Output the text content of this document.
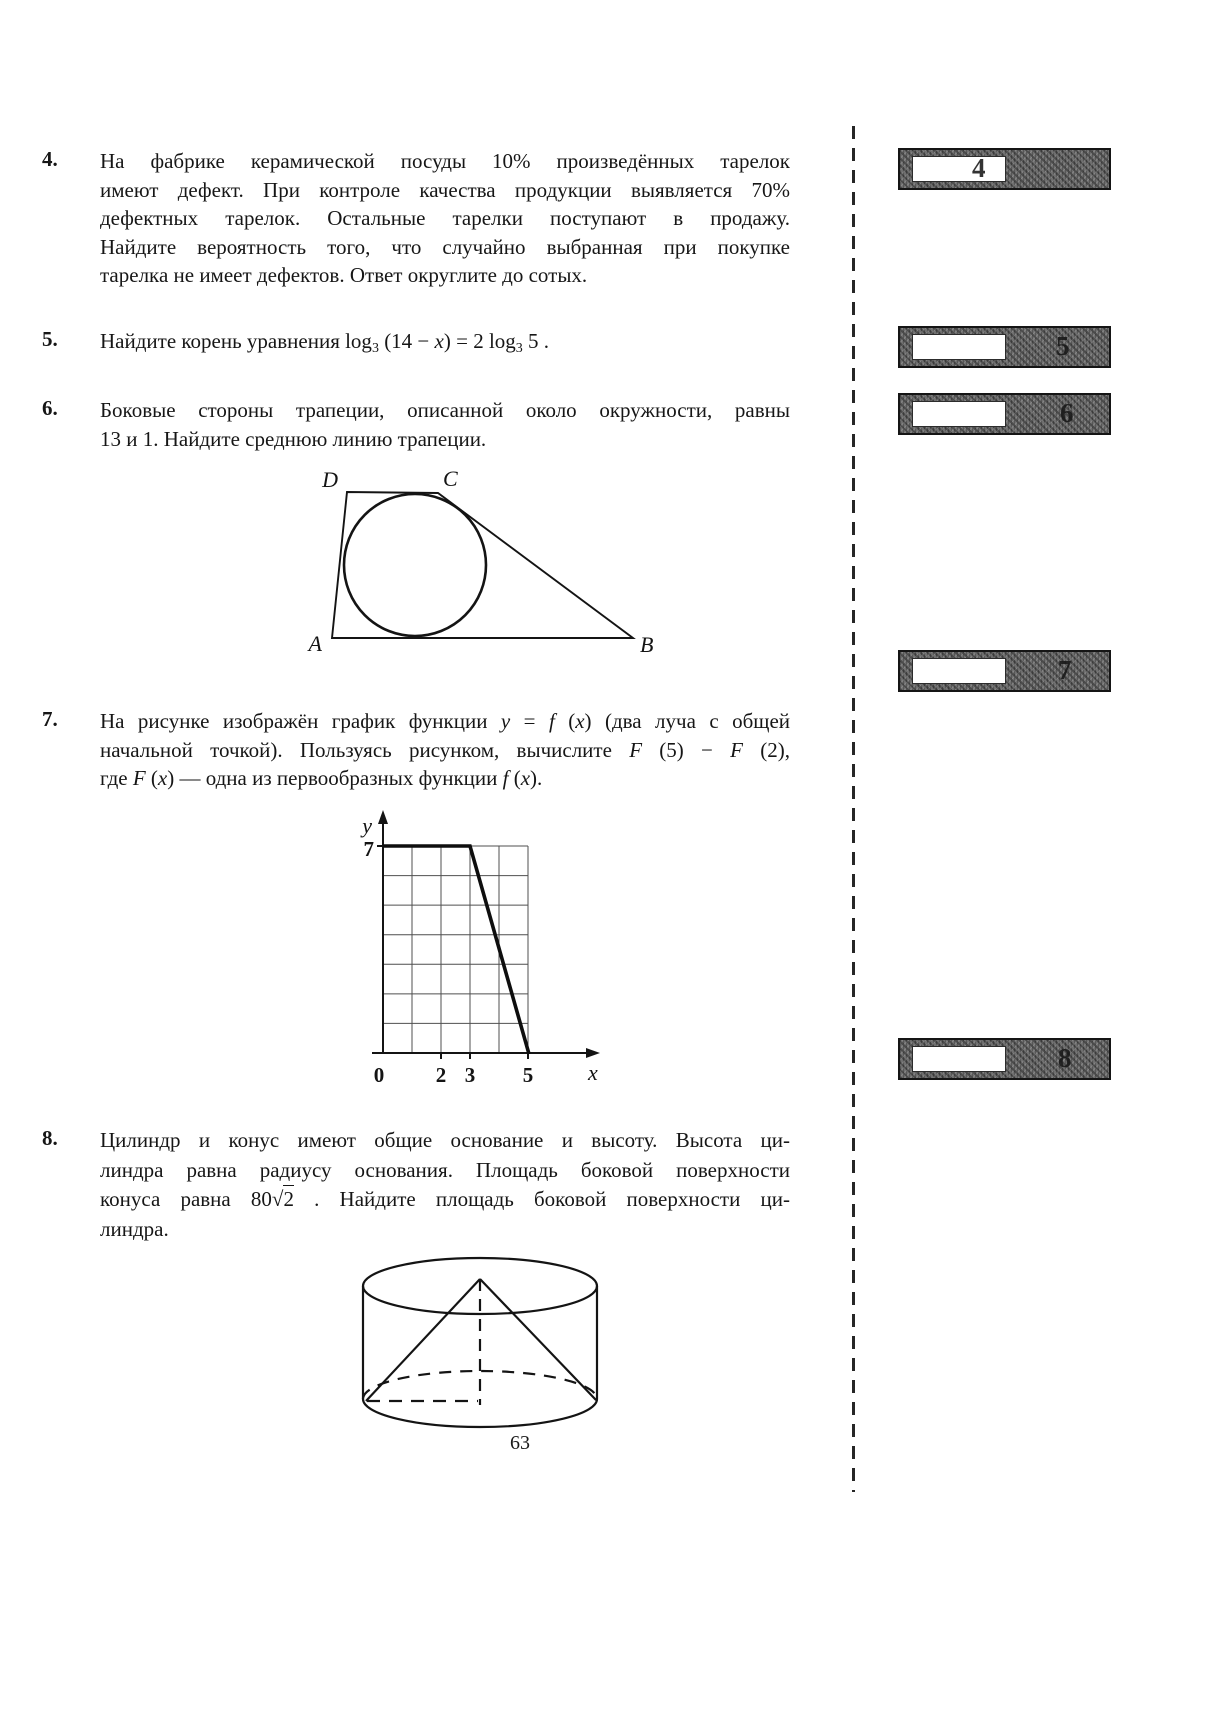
4
5
6
7
8
4. На фабрике керамической посуды 10% произведённых тарелок
имеют дефект. При контроле качества продукции выявляется 70%
дефектных тарелок. Остальные тарелки поступают в продажу.
Найдите вероятность того, что случайно выбранная при покупке
тарелка не имеет дефектов. Ответ округлите до сотых.
5. Найдите корень уравнения $\log_3 (14 - x) = 2$ $\log_3 5$ .
6. Боковые стороны трапеции, описанной около окружности, равны
13 и 1. Найдите среднюю линию трапеции.
D	C
A	B
7. На рисунке изображён график функции y = f (x) (два луча с общей
начальной точкой). Пользуясь рисунком, вычислите F (5) − F (2),
где F (x) — одна из первообразных функции f (x).
y
7
0 2 3 5 x
8. Цилиндр и конус имеют общие основание и высоту. Высота ци-
линдра равна радиусу основания. Площадь боковой поверхности
конуса равна 80√2 . Найдите площадь боковой поверхности ци-
линдра.
63
